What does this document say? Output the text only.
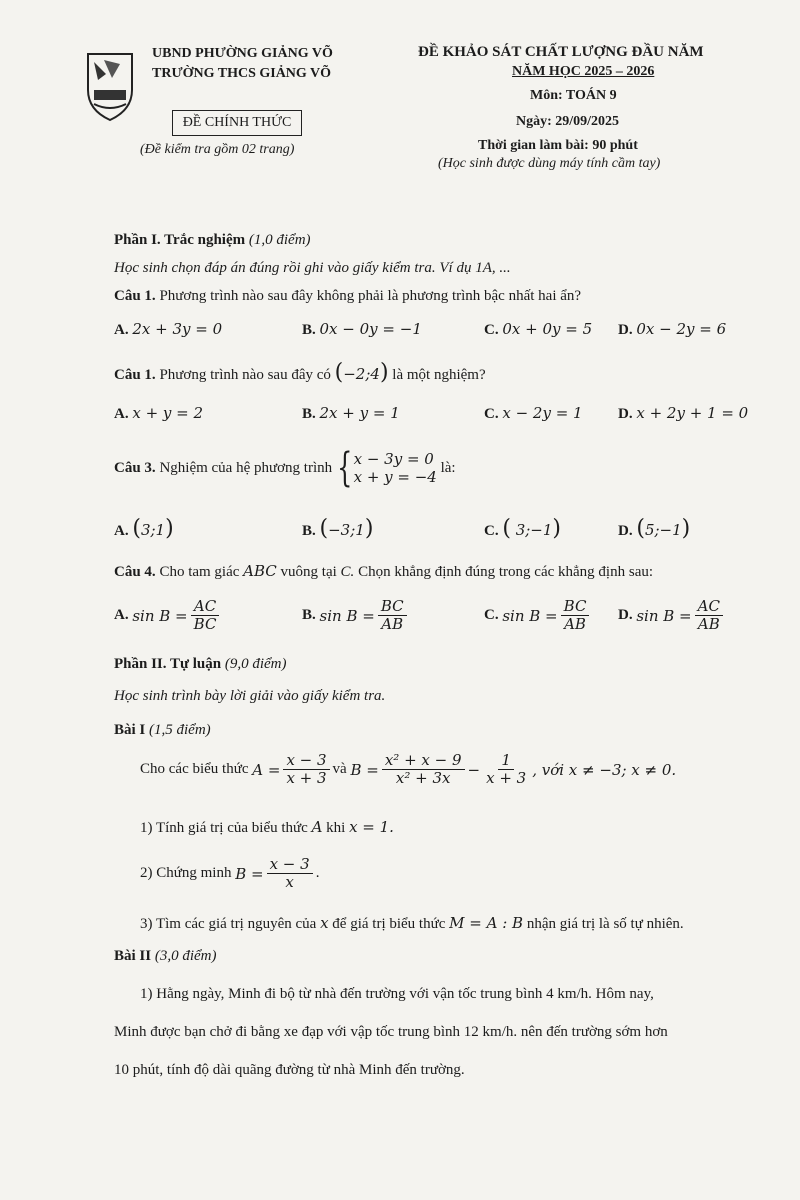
UBND PHƯỜNG GIẢNG VÕ
TRƯỜNG THCS GIẢNG VÕ
ĐỀ CHÍNH THỨC
(Đề kiểm tra gồm 02 trang)
ĐỀ KHẢO SÁT CHẤT LƯỢNG ĐẦU NĂM
NĂM HỌC 2025 – 2026
Môn: TOÁN 9
Ngày: 29/09/2025
Thời gian làm bài: 90 phút
(Học sinh được dùng máy tính cầm tay)
Phần I. Trắc nghiệm (1,0 điểm)
Học sinh chọn đáp án đúng rồi ghi vào giấy kiểm tra. Ví dụ 1A, ...
Câu 1. Phương trình nào sau đây không phải là phương trình bậc nhất hai ẩn?
A. 2x + 3y = 0	B. 0x − 0y = −1	C. 0x + 0y = 5 D. 0x − 2y = 6
Câu 1. Phương trình nào sau đây có (−2;4) là một nghiệm?
A. x + y = 2	B. 2x + y = 1	C. x − 2y = 1 D. x + 2y + 1 = 0
Câu 3.
Nghiệm của hệ phương trình { x − 3y = 0
x + y = −4

là:
A. (3;1)	B. (−3;1)	C. ( 3;−1)	D. (5;−1)
Câu 4. Cho tam giác ABC vuông tại C. Chọn khẳng định đúng trong các khẳng định sau:
A.
$\sin B = \frac{AC}{BC}$	B.
$\sin B = \frac{BC}{AB}$	C.
$\sin B = \frac{BC}{AB} D$.
$\sin B = \frac{AC}{AB}$
Phần II. Tự luận (9,0 điểm)
Học sinh trình bày lời giải vào giấy kiểm tra.
Bài I (1,5 điểm)
Cho các biểu thức
$A = \frac{x - 3}{x + 3}$ và
$B = \frac{\text{x² + x − 9}}{\text{x² + 3x}} - \frac{1}{x + 3}$ , với x ≠ −3; x ≠ 0.
1) Tính giá trị của biểu thức A khi x = 1.
2) Chứng minh
$B = \frac{x - 3}{x}$ .
3) Tìm các giá trị nguyên của x để giá trị biểu thức M = A : B nhận giá trị là số tự nhiên.
Bài II (3,0 điểm)
1) Hằng ngày, Minh đi bộ từ nhà đến trường với vận tốc trung bình 4 km/h. Hôm nay,
Minh được bạn chở đi bằng xe đạp với vập tốc trung bình 12 km/h. nên đến trường sớm hơn
10 phút, tính độ dài quãng đường từ nhà Minh đến trường.
